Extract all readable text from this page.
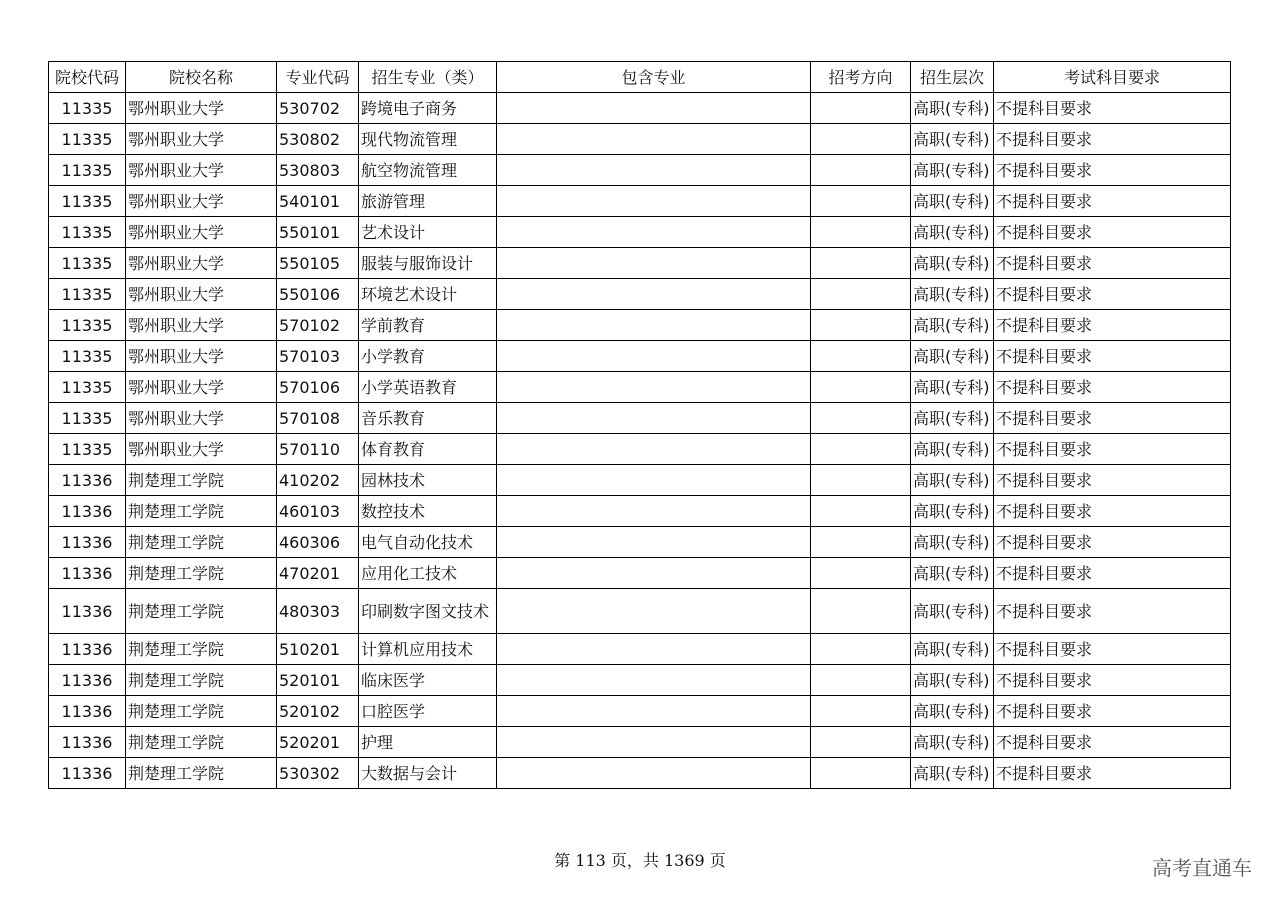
院校代码	院校名称	专业代码	招生专业（类）	包含专业	招考方向	招生层次	考试科目要求
11335	鄂州职业大学	530702	跨境电子商务			高职(专科)	不提科目要求
11335	鄂州职业大学	530802	现代物流管理			高职(专科)	不提科目要求
11335	鄂州职业大学	530803	航空物流管理			高职(专科)	不提科目要求
11335	鄂州职业大学	540101	旅游管理			高职(专科)	不提科目要求
11335	鄂州职业大学	550101	艺术设计			高职(专科)	不提科目要求
11335	鄂州职业大学	550105	服装与服饰设计			高职(专科)	不提科目要求
11335	鄂州职业大学	550106	环境艺术设计			高职(专科)	不提科目要求
11335	鄂州职业大学	570102	学前教育			高职(专科)	不提科目要求
11335	鄂州职业大学	570103	小学教育			高职(专科)	不提科目要求
11335	鄂州职业大学	570106	小学英语教育			高职(专科)	不提科目要求
11335	鄂州职业大学	570108	音乐教育			高职(专科)	不提科目要求
11335	鄂州职业大学	570110	体育教育			高职(专科)	不提科目要求
11336	荆楚理工学院	410202	园林技术			高职(专科)	不提科目要求
11336	荆楚理工学院	460103	数控技术			高职(专科)	不提科目要求
11336	荆楚理工学院	460306	电气自动化技术			高职(专科)	不提科目要求
11336	荆楚理工学院	470201	应用化工技术			高职(专科)	不提科目要求
11336	荆楚理工学院	480303	印刷数字图文技术			高职(专科)	不提科目要求
11336	荆楚理工学院	510201	计算机应用技术			高职(专科)	不提科目要求
11336	荆楚理工学院	520101	临床医学			高职(专科)	不提科目要求
11336	荆楚理工学院	520102	口腔医学			高职(专科)	不提科目要求
11336	荆楚理工学院	520201	护理			高职(专科)	不提科目要求
11336	荆楚理工学院	530302	大数据与会计			高职(专科)	不提科目要求
第 113 页，共 1369 页	高考直通车
